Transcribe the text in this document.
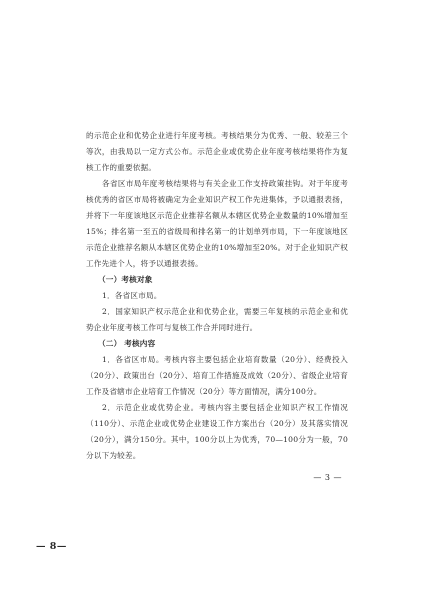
的示范企业和优势企业进行年度考核。考核结果分为优秀、一般、较差三个等次，由我局以一定方式公布。示范企业或优势企业年度考核结果将作为复核工作的重要依据。

各省区市局年度考核结果将与有关企业工作支持政策挂钩。对于年度考核优秀的省区市局将被确定为企业知识产权工作先进集体，予以通报表扬，并将下一年度该地区示范企业推荐名额从本辖区优势企业数量的10%增加至15%；排名第一至五的省级局和排名第一的计划单列市局，下一年度该地区示范企业推荐名额从本辖区优势企业的10%增加至20%。对于企业知识产权工作先进个人，将予以通报表扬。

（一）考核对象

1．各省区市局。

2．国家知识产权示范企业和优势企业，需要三年复核的示范企业和优势企业年度考核工作可与复核工作合并同时进行。

（二） 考核内容

1．各省区市局。考核内容主要包括企业培育数量（20分）、经费投入（20分）、政策出台（20分）、培育工作措施及成效（20分）、省级企业培育工作及省辖市企业培育工作情况（20分）等方面情况，满分100分。

2．示范企业或优势企业。考核内容主要包括企业知识产权工作情况（110分）、示范企业或优势企业建设工作方案出台（20分）及其落实情况（20分），满分150分。其中，100分以上为优秀，70—100分为一般，70分以下为较差。

— 3 —
— 8—
